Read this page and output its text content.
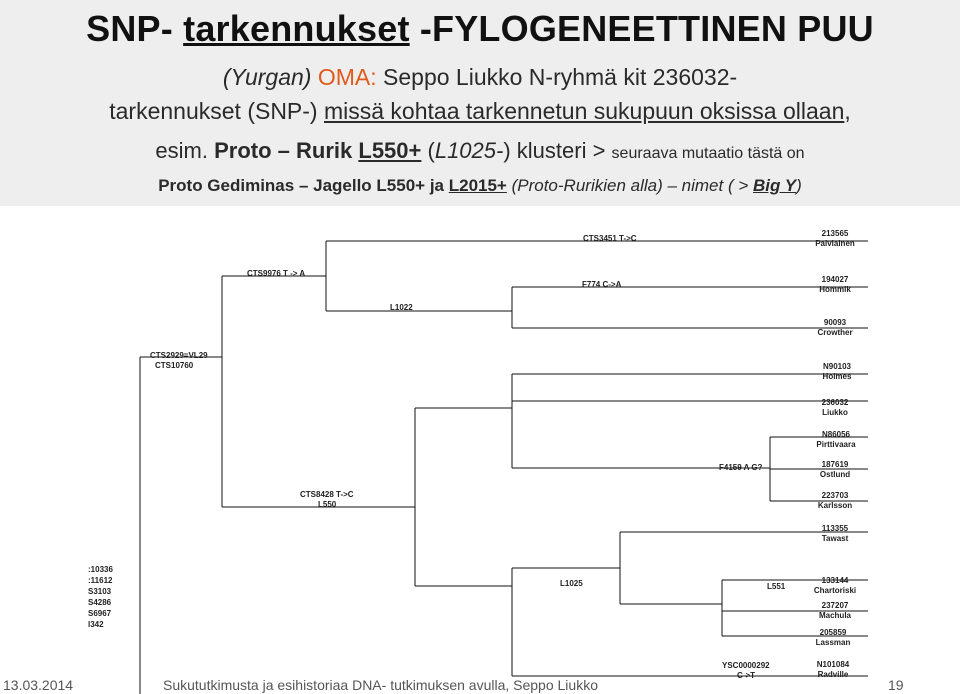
SNP- tarkennukset -FYLOGENEETTINEN PUU
(Yurgan) OMA: Seppo Liukko N-ryhmä kit 236032-
tarkennukset (SNP-) missä kohtaa tarkennetun sukupuun oksissa ollaan,
esim. Proto – Rurik L550+ (L1025-) klusteri > seuraava mutaatio tästä on
Proto Gediminas – Jagello L550+ ja L2015+ (Proto-Rurikien alla) – nimet ( > Big Y)
CTS2929=VL29 CTS10760
CTS9976 T -> A
CTS3451 T->C
F774 C->A
L1022
CTS8428 T->C L550
F4159 A G?
L1025	L551
YSC0000292 C->T
:10336 :11612 S3103 S4286 S6967 l342
213565 Palviainen
194027 Hommik
90093 Crowther
N90103 Holmes
236032 Liukko
N86056 Pirttivaara
187619 Ostlund
223703 Karlsson
113355 Tawast
133144 Chartoriski
237207 Machula
205859 Lassman
N101084 Radville
13.03.2014	Sukututkimusta ja esihistoriaa DNA- tutkimuksen avulla, Seppo Liukko	19
